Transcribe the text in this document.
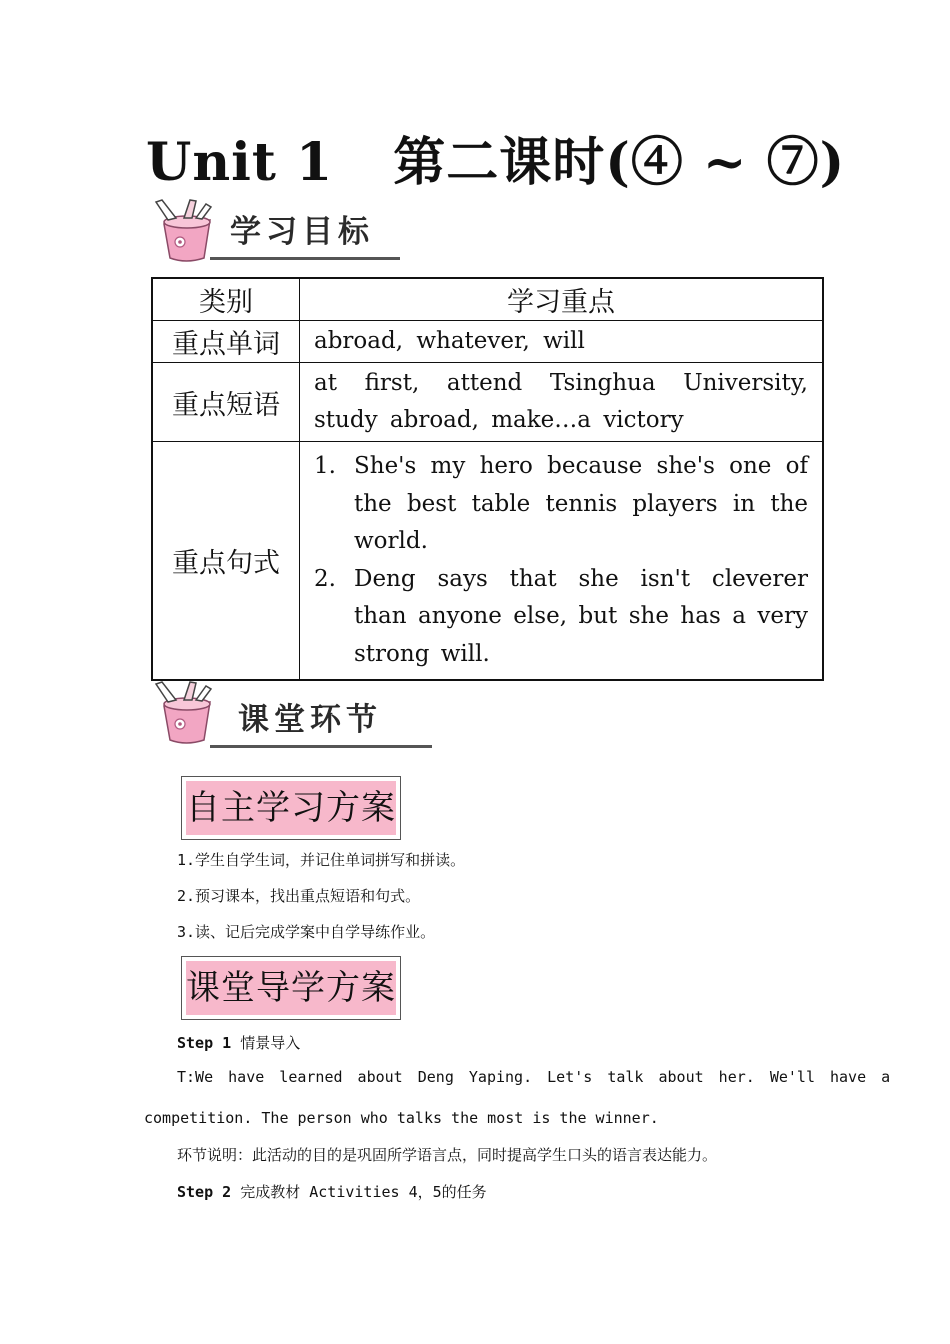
Unit 1 第二课时(④ ~ ⑦)
学习目标
类别	学习重点
重点单词	abroad, whatever, will
重点短语	at first, attend Tsinghua University, study abroad, make…a victory
重点句式	1. She's my hero because she's one of the best table tennis players in the world.
2. Deng says that she isn't cleverer than anyone else, but she has a very strong will.
课堂环节
自主学习方案
1.学生自学生词，并记住单词拼写和拼读。
2.预习课本，找出重点短语和句式。
3.读、记后完成学案中自学导练作业。
课堂导学方案
Step 1 情景导入
T:We have learned about Deng Yaping. Let's talk about her. We'll have a
competition. The person who talks the most is the winner.
环节说明：此活动的目的是巩固所学语言点，同时提高学生口头的语言表达能力。
Step 2 完成教材 Activities 4，5的任务
